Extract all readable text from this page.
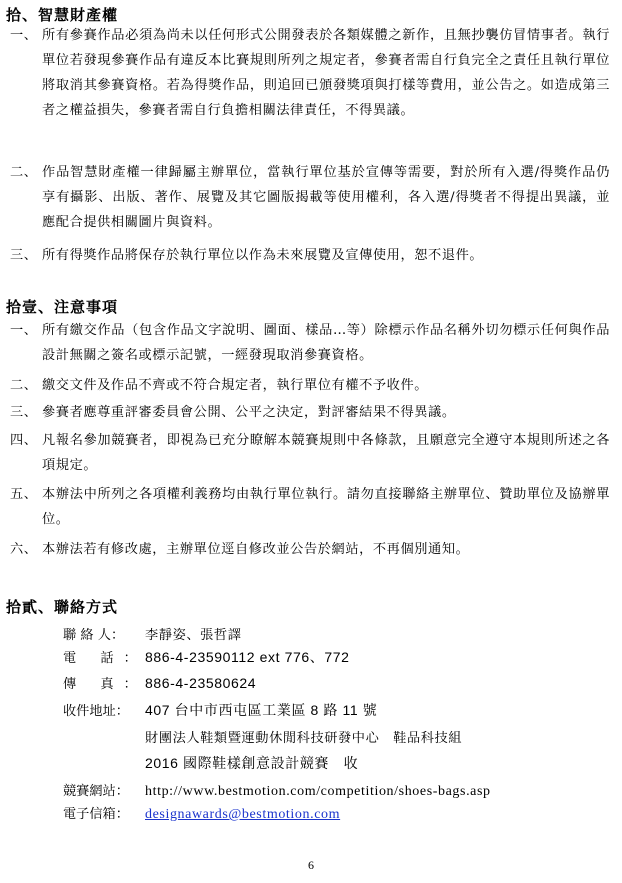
拾、智慧財產權
一、 所有參賽作品必須為尚未以任何形式公開發表於各類媒體之新作，且無抄襲仿冒情事者。執行單位若發現參賽作品有違反本比賽規則所列之規定者，參賽者需自行負完全之責任且執行單位將取消其參賽資格。若為得獎作品，則追回已頒發獎項與打樣等費用，並公告之。如造成第三者之權益損失，參賽者需自行負擔相關法律責任，不得異議。
二、 作品智慧財產權一律歸屬主辦單位，當執行單位基於宣傳等需要，對於所有入選/得獎作品仍享有攝影、出版、著作、展覽及其它圖版揭載等使用權利，各入選/得獎者不得提出異議，並應配合提供相關圖片與資料。
三、 所有得獎作品將保存於執行單位以作為未來展覽及宣傳使用，恕不退件。
拾壹、注意事項
一、 所有繳交作品（包含作品文字說明、圖面、樣品…等）除標示作品名稱外切勿標示任何與作品設計無關之簽名或標示記號，一經發現取消參賽資格。
二、 繳交文件及作品不齊或不符合規定者，執行單位有權不予收件。
三、 參賽者應尊重評審委員會公開、公平之決定，對評審結果不得異議。
四、 凡報名參加競賽者，即視為已充分瞭解本競賽規則中各條款，且願意完全遵守本規則所述之各項規定。
五、 本辦法中所列之各項權利義務均由執行單位執行。請勿直接聯絡主辦單位、贊助單位及協辦單位。
六、 本辦法若有修改處，主辦單位逕自修改並公告於網站，不再個別通知。
拾貳、聯絡方式
聯 絡 人： 李靜姿、張哲譯
電 話：886-4-23590112 ext 776、772
傳 真：886-4-23580624
收件地址： 407 台中市西屯區工業區 8 路 11 號
財團法人鞋類暨運動休閒科技研發中心　鞋品科技組
2016 國際鞋樣創意設計競賽　收
競賽網站： http://www.bestmotion.com/competition/shoes-bags.asp
電子信箱： designawards@bestmotion.com
6
